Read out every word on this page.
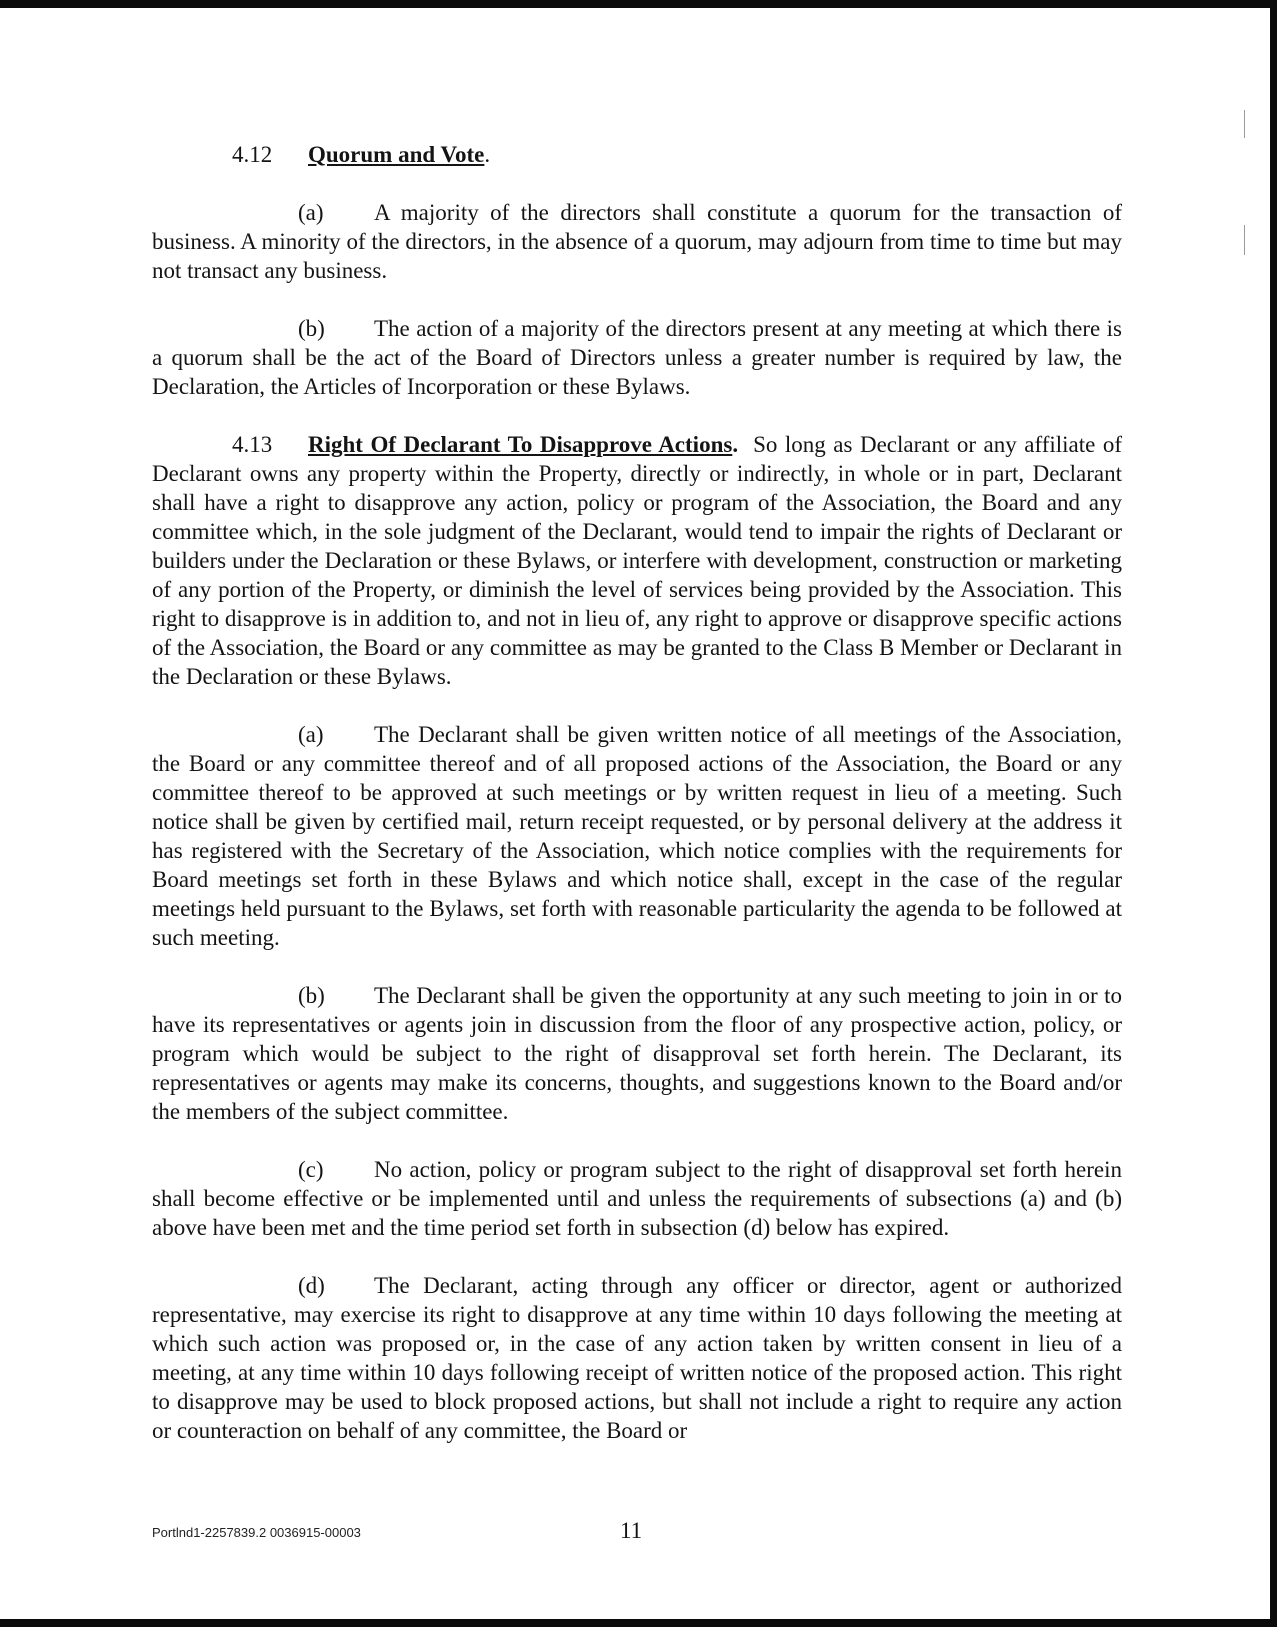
4.12 Quorum and Vote.

(a) A majority of the directors shall constitute a quorum for the transaction of business. A minority of the directors, in the absence of a quorum, may adjourn from time to time but may not transact any business.

(b) The action of a majority of the directors present at any meeting at which there is a quorum shall be the act of the Board of Directors unless a greater number is required by law, the Declaration, the Articles of Incorporation or these Bylaws.

4.13 Right Of Declarant To Disapprove Actions. So long as Declarant or any affiliate of Declarant owns any property within the Property, directly or indirectly, in whole or in part, Declarant shall have a right to disapprove any action, policy or program of the Association, the Board and any committee which, in the sole judgment of the Declarant, would tend to impair the rights of Declarant or builders under the Declaration or these Bylaws, or interfere with development, construction or marketing of any portion of the Property, or diminish the level of services being provided by the Association. This right to disapprove is in addition to, and not in lieu of, any right to approve or disapprove specific actions of the Association, the Board or any committee as may be granted to the Class B Member or Declarant in the Declaration or these Bylaws.

(a) The Declarant shall be given written notice of all meetings of the Association, the Board or any committee thereof and of all proposed actions of the Association, the Board or any committee thereof to be approved at such meetings or by written request in lieu of a meeting. Such notice shall be given by certified mail, return receipt requested, or by personal delivery at the address it has registered with the Secretary of the Association, which notice complies with the requirements for Board meetings set forth in these Bylaws and which notice shall, except in the case of the regular meetings held pursuant to the Bylaws, set forth with reasonable particularity the agenda to be followed at such meeting.

(b) The Declarant shall be given the opportunity at any such meeting to join in or to have its representatives or agents join in discussion from the floor of any prospective action, policy, or program which would be subject to the right of disapproval set forth herein. The Declarant, its representatives or agents may make its concerns, thoughts, and suggestions known to the Board and/or the members of the subject committee.

(c) No action, policy or program subject to the right of disapproval set forth herein shall become effective or be implemented until and unless the requirements of subsections (a) and (b) above have been met and the time period set forth in subsection (d) below has expired.

(d) The Declarant, acting through any officer or director, agent or authorized representative, may exercise its right to disapprove at any time within 10 days following the meeting at which such action was proposed or, in the case of any action taken by written consent in lieu of a meeting, at any time within 10 days following receipt of written notice of the proposed action. This right to disapprove may be used to block proposed actions, but shall not include a right to require any action or counteraction on behalf of any committee, the Board or

Portlnd1-2257839.2 0036915-00003	11
